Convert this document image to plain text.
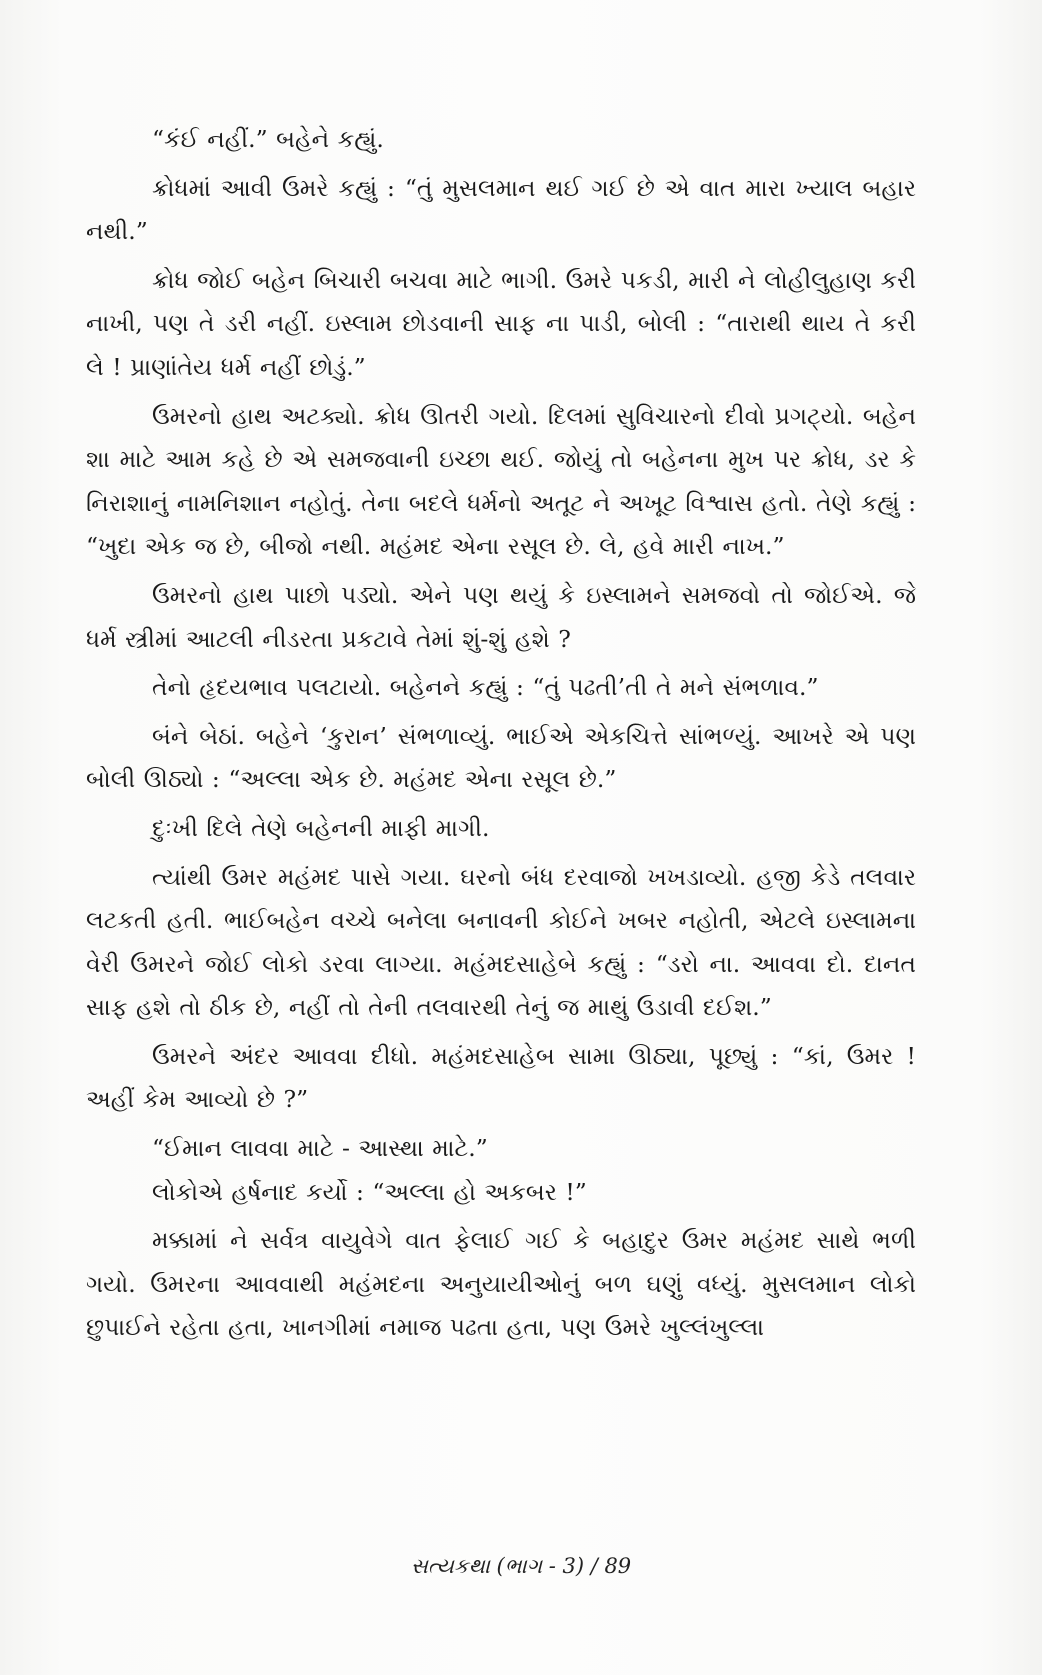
“કંઈ નહીં.” બહેને કહ્યું.

ક્રોધમાં આવી ઉમરે કહ્યું : “તું મુસલમાન થઈ ગઈ છે એ વાત મારા ખ્યાલ બહાર નથી.”

ક્રોધ જોઈ બહેન બિચારી બચવા માટે ભાગી. ઉમરે પકડી, મારી ને લોહીલુહાણ કરી નાખી, પણ તે ડરી નહીં. ઇસ્લામ છોડવાની સાફ ના પાડી, બોલી : “તારાથી થાય તે કરી લે ! પ્રાણાંતેય ધર્મ નહીં છોડું.”

ઉમરનો હાથ અટક્યો. ક્રોધ ઊતરી ગયો. દિલમાં સુવિચારનો દીવો પ્રગટ્યો. બહેન શા માટે આમ કહે છે એ સમજવાની ઇચ્છા થઈ. જોયું તો બહેનના મુખ પર ક્રોધ, ડર કે નિરાશાનું નામનિશાન નહોતું. તેના બદલે ધર્મનો અતૂટ ને અખૂટ વિશ્વાસ હતો. તેણે કહ્યું : “ખુદા એક જ છે, બીજો નથી. મહંમદ એના રસૂલ છે. લે, હવે મારી નાખ.”

ઉમરનો હાથ પાછો પડ્યો. એને પણ થયું કે ઇસ્લામને સમજવો તો જોઈએ. જે ધર્મ સ્ત્રીમાં આટલી નીડરતા પ્રકટાવે તેમાં શું-શું હશે ?

તેનો હૃદયભાવ પલટાયો. બહેનને કહ્યું : “તું પઢતી’તી તે મને સંભળાવ.”

બંને બેઠાં. બહેને ‘કુરાન’ સંભળાવ્યું. ભાઈએ એકચિત્તે સાંભળ્યું. આખરે એ પણ બોલી ઊઠ્યો : “અલ્લા એક છે. મહંમદ એના રસૂલ છે.”

દુઃખી દિલે તેણે બહેનની માફી માગી.

ત્યાંથી ઉમર મહંમદ પાસે ગયા. ઘરનો બંધ દરવાજો ખખડાવ્યો. હજી કેડે તલવાર લટકતી હતી. ભાઈબહેન વચ્ચે બનેલા બનાવની કોઈને ખબર નહોતી, એટલે ઇસ્લામના વેરી ઉમરને જોઈ લોકો ડરવા લાગ્યા. મહંમદસાહેબે કહ્યું : “ડરો ના. આવવા દો. દાનત સાફ હશે તો ઠીક છે, નહીં તો તેની તલવારથી તેનું જ માથું ઉડાવી દઈશ.”

ઉમરને અંદર આવવા દીધો. મહંમદસાહેબ સામા ઊઠ્યા, પૂછ્યું : “કાં, ઉમર ! અહીં કેમ આવ્યો છે ?”

“ઈમાન લાવવા માટે - આસ્થા માટે.”

લોકોએ હર્ષનાદ કર્યો : “અલ્લા હો અકબર !”

મક્કામાં ને સર્વત્ર વાયુવેગે વાત ફેલાઈ ગઈ કે બહાદુર ઉમર મહંમદ સાથે ભળી ગયો. ઉમરના આવવાથી મહંમદના અનુયાયીઓનું બળ ઘણું વધ્યું. મુસલમાન લોકો છુપાઈને રહેતા હતા, ખાનગીમાં નમાજ પઢતા હતા, પણ ઉમરે ખુલ્લંખુલ્લા

સત્યકથા (ભાગ - 3) / 89
